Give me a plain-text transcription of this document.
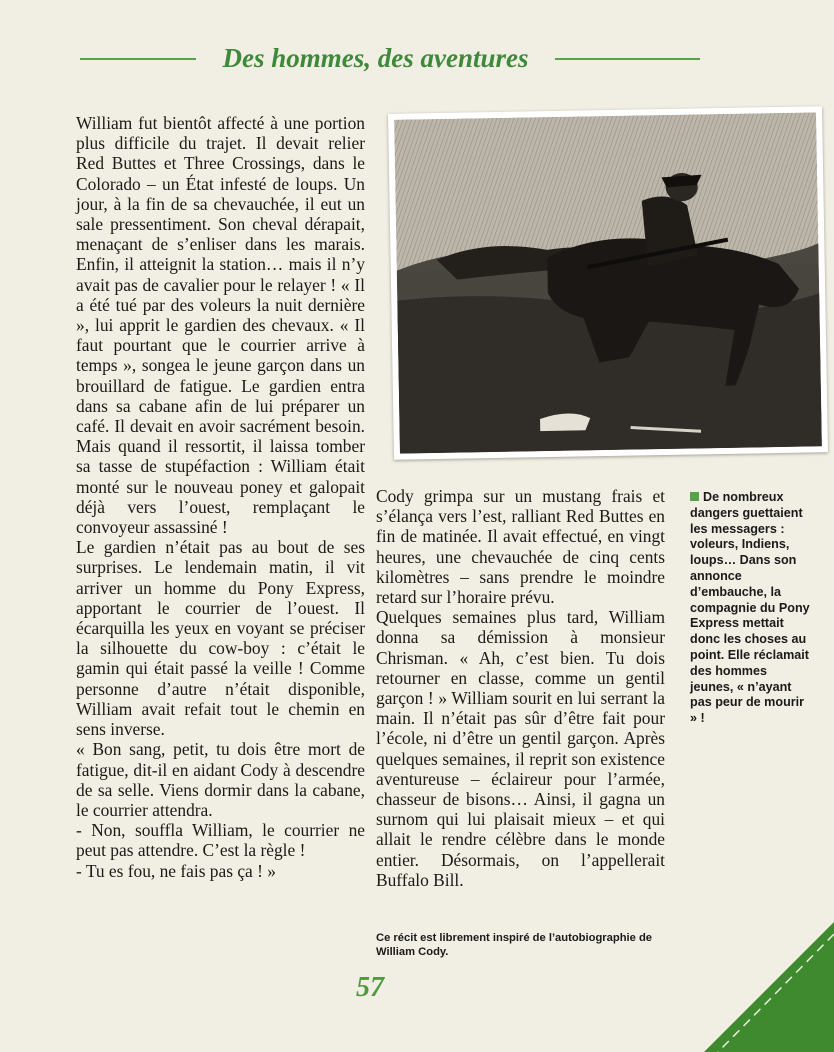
Des hommes, des aventures

William fut bientôt affecté à une portion plus difficile du trajet. Il devait relier Red Buttes et Three Crossings, dans le Colorado – un État infesté de loups. Un jour, à la fin de sa chevauchée, il eut un sale pressentiment. Son cheval dérapait, menaçant de s’enliser dans les marais. Enfin, il atteignit la station… mais il n’y avait pas de cavalier pour le relayer ! « Il a été tué par des voleurs la nuit dernière », lui apprit le gardien des chevaux. « Il faut pourtant que le courrier arrive à temps », songea le jeune garçon dans un brouillard de fatigue. Le gardien entra dans sa cabane afin de lui préparer un café. Il devait en avoir sacrément besoin. Mais quand il ressortit, il laissa tomber sa tasse de stupéfaction : William était monté sur le nouveau poney et galopait déjà vers l’ouest, remplaçant le convoyeur assassiné !

Le gardien n’était pas au bout de ses surprises. Le lendemain matin, il vit arriver un homme du Pony Express, apportant le courrier de l’ouest. Il écarquilla les yeux en voyant se préciser la silhouette du cow-boy : c’était le gamin qui était passé la veille ! Comme personne d’autre n’était disponible, William avait refait tout le chemin en sens inverse.

« Bon sang, petit, tu dois être mort de fatigue, dit-il en aidant Cody à descendre de sa selle. Viens dormir dans la cabane, le courrier attendra.

- Non, souffla William, le courrier ne peut pas attendre. C’est la règle !

- Tu es fou, ne fais pas ça ! »

Cody grimpa sur un mustang frais et s’élança vers l’est, ralliant Red Buttes en fin de matinée. Il avait effectué, en vingt heures, une chevauchée de cinq cents kilomètres – sans prendre le moindre retard sur l’horaire prévu.

Quelques semaines plus tard, William donna sa démission à monsieur Chrisman. « Ah, c’est bien. Tu dois retourner en classe, comme un gentil garçon ! » William sourit en lui serrant la main. Il n’était pas sûr d’être fait pour l’école, ni d’être un gentil garçon. Après quelques semaines, il reprit son existence aventureuse – éclaireur pour l’armée, chasseur de bisons… Ainsi, il gagna un surnom qui lui plaisait mieux – et qui allait le rendre célèbre dans le monde entier. Désormais, on l’appellerait Buffalo Bill.

De nombreux dangers guettaient les messagers : voleurs, Indiens, loups… Dans son annonce d’embauche, la compagnie du Pony Express mettait donc les choses au point. Elle réclamait des hommes jeunes, « n’ayant pas peur de mourir » !
Ce récit est librement inspiré de l’autobiographie de William Cody.
57
